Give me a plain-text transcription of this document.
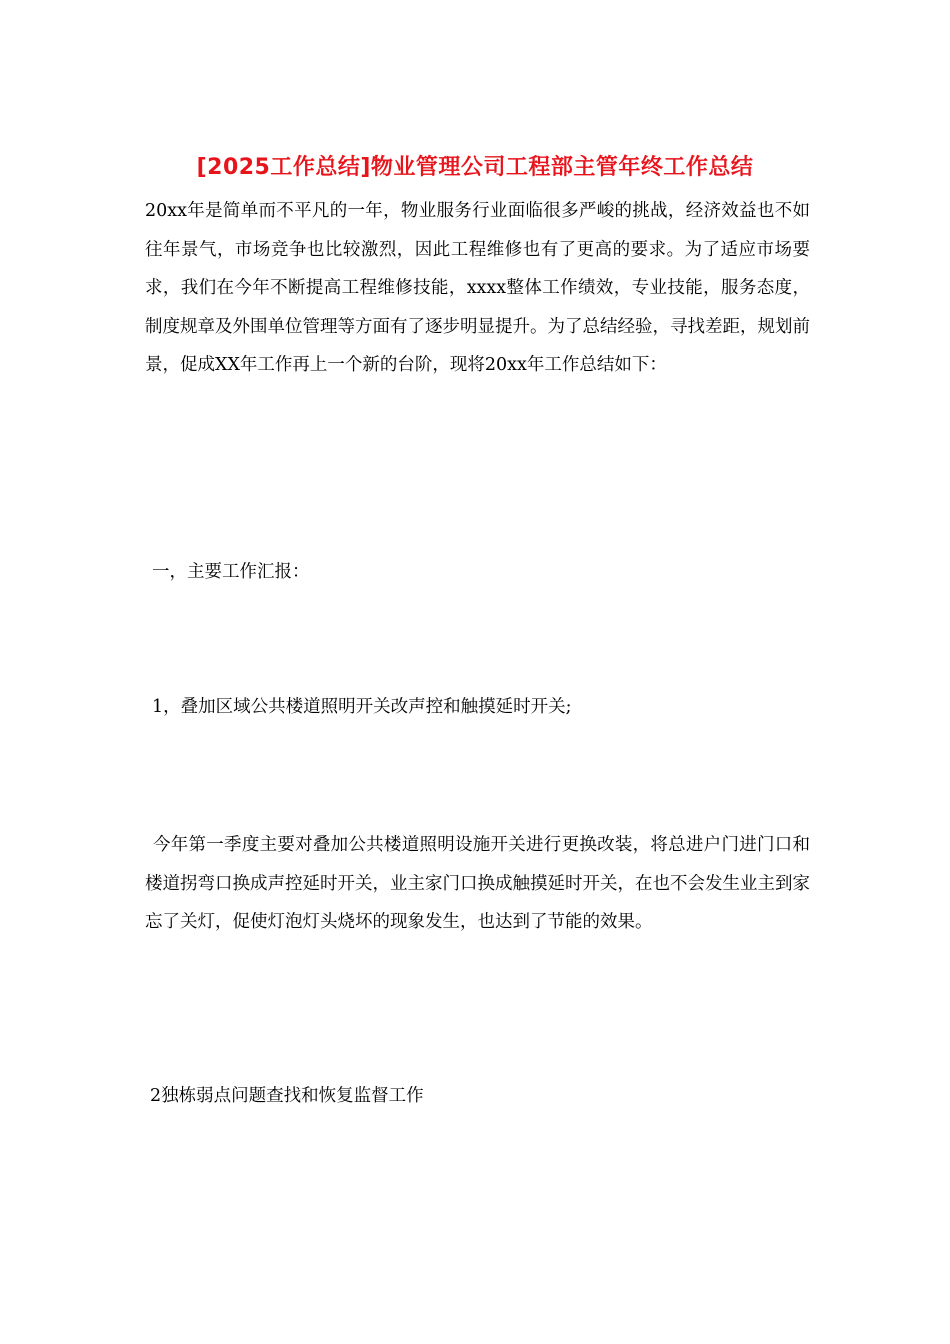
[2025工作总结]物业管理公司工程部主管年终工作总结

20xx年是简单而不平凡的一年，物业服务行业面临很多严峻的挑战，经济效益也不如往年景气，市场竞争也比较激烈，因此工程维修也有了更高的要求。为了适应市场要求，我们在今年不断提高工程维修技能，xxxx整体工作绩效，专业技能，服务态度，制度规章及外围单位管理等方面有了逐步明显提升。为了总结经验，寻找差距，规划前景，促成XX年工作再上一个新的台阶，现将20xx年工作总结如下：

一，主要工作汇报：

1，叠加区域公共楼道照明开关改声控和触摸延时开关;

今年第一季度主要对叠加公共楼道照明设施开关进行更换改装，将总进户门进门口和楼道拐弯口换成声控延时开关，业主家门口换成触摸延时开关，在也不会发生业主到家忘了关灯，促使灯泡灯头烧坏的现象发生，也达到了节能的效果。

2独栋弱点问题查找和恢复监督工作
